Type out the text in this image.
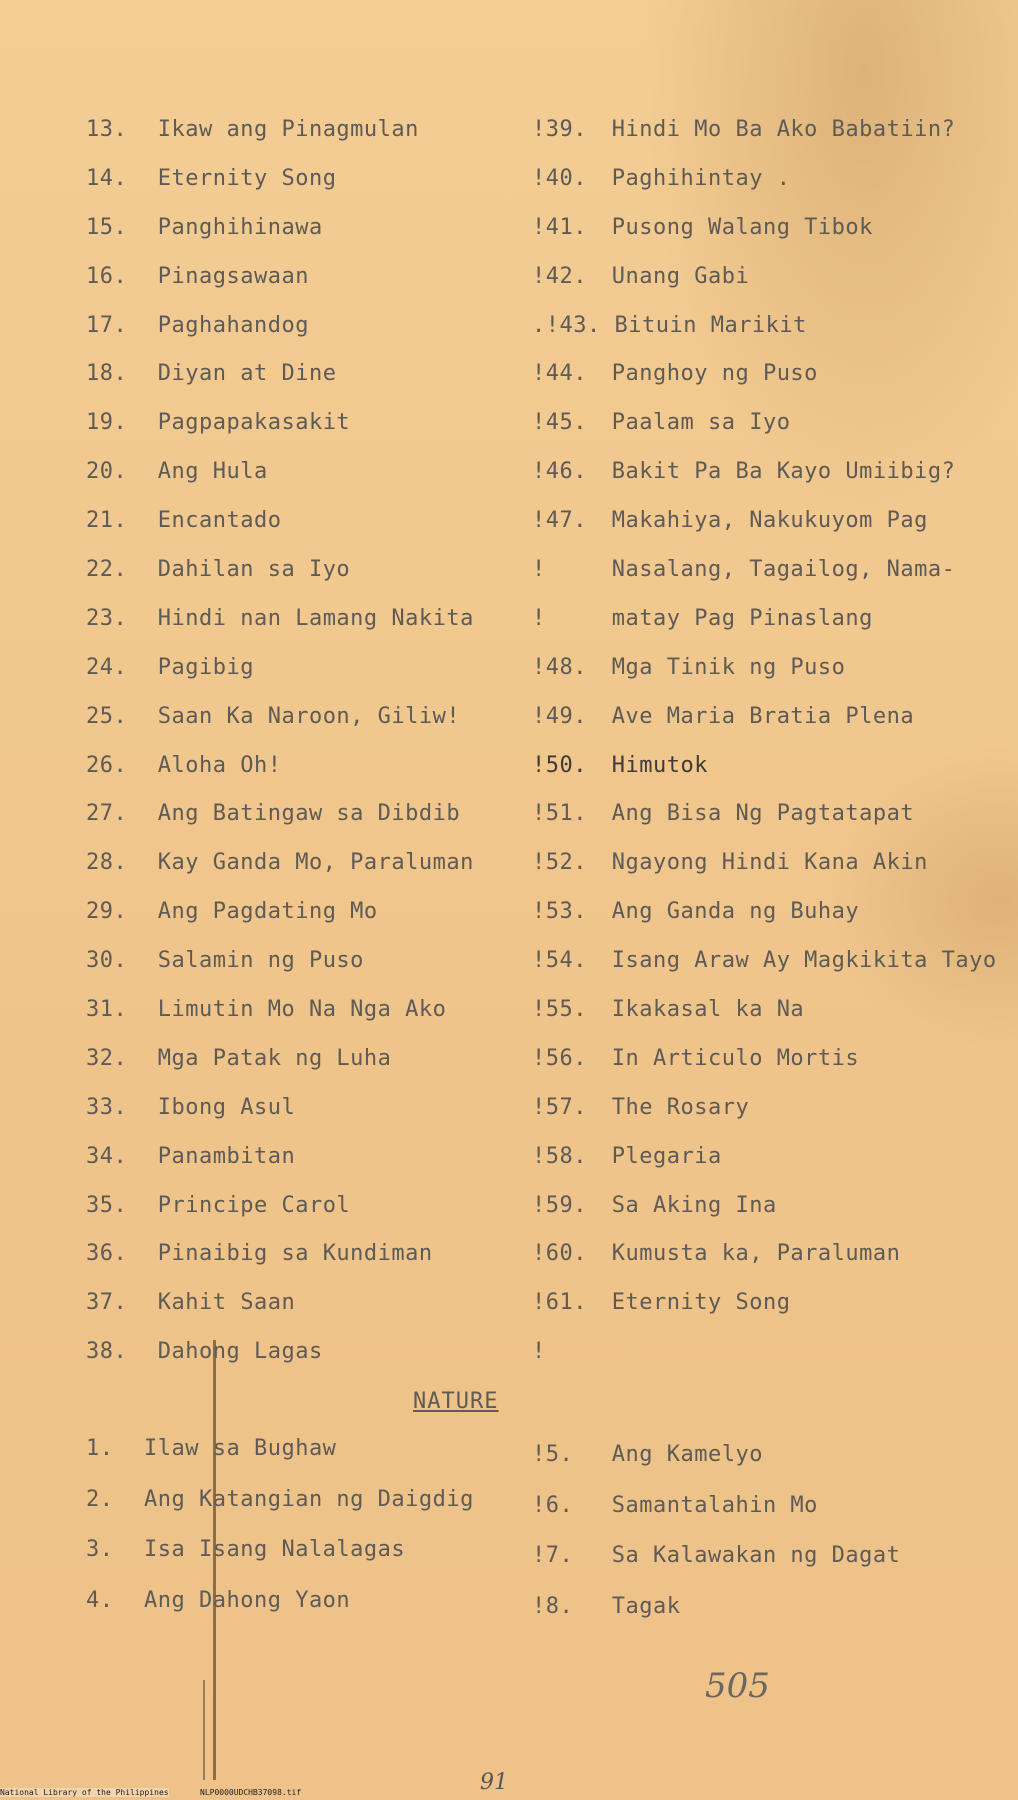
13. Ikaw ang Pinagmulan
14. Eternity Song
15. Panghihinawa
16. Pinagsawaan
17. Paghahandog
18. Diyan at Dine
19. Pagpapakasakit
20. Ang Hula
21. Encantado
22. Dahilan sa Iyo
23. Hindi nan Lamang Nakita
24. Pagibig
25. Saan Ka Naroon, Giliw!
26. Aloha Oh!
27. Ang Batingaw sa Dibdib
28. Kay Ganda Mo, Paraluman
29. Ang Pagdating Mo
30. Salamin ng Puso
31. Limutin Mo Na Nga Ako
32. Mga Patak ng Luha
33. Ibong Asul
34. Panambitan
35. Principe Carol
36. Pinaibig sa Kundiman
37. Kahit Saan
38. Dahong Lagas
!39. Hindi Mo Ba Ako Babatiin?
!40. Paghihintay .
!41. Pusong Walang Tibok
!42. Unang Gabi
.!43. Bituin Marikit
!44. Panghoy ng Puso
!45. Paalam sa Iyo
!46. Bakit Pa Ba Kayo Umiibig?
!47. Makahiya, Nakukuyom Pag
!	Nasalang, Tagailog, Nama-
!	matay Pag Pinaslang
!48. Mga Tinik ng Puso
!49. Ave Maria Bratia Plena
!50. Himutok
!51. Ang Bisa Ng Pagtatapat
!52. Ngayong Hindi Kana Akin
!53. Ang Ganda ng Buhay
!54. Isang Araw Ay Magkikita Tayo
!55. Ikakasal ka Na
!56. In Articulo Mortis
!57. The Rosary
!58. Plegaria
!59. Sa Aking Ina
!60. Kumusta ka, Paraluman
!61. Eternity Song
!
NATURE
1. Ilaw sa Bughaw
2. Ang Katangian ng Daigdig
3. Isa Isang Nalalagas
4. Ang Dahong Yaon
!5. Ang Kamelyo
!6. Samantalahin Mo
!7. Sa Kalawakan ng Dagat
!8. Tagak
505
91
National Library of the Philippines	NLP0000UDCHB37098.tif
